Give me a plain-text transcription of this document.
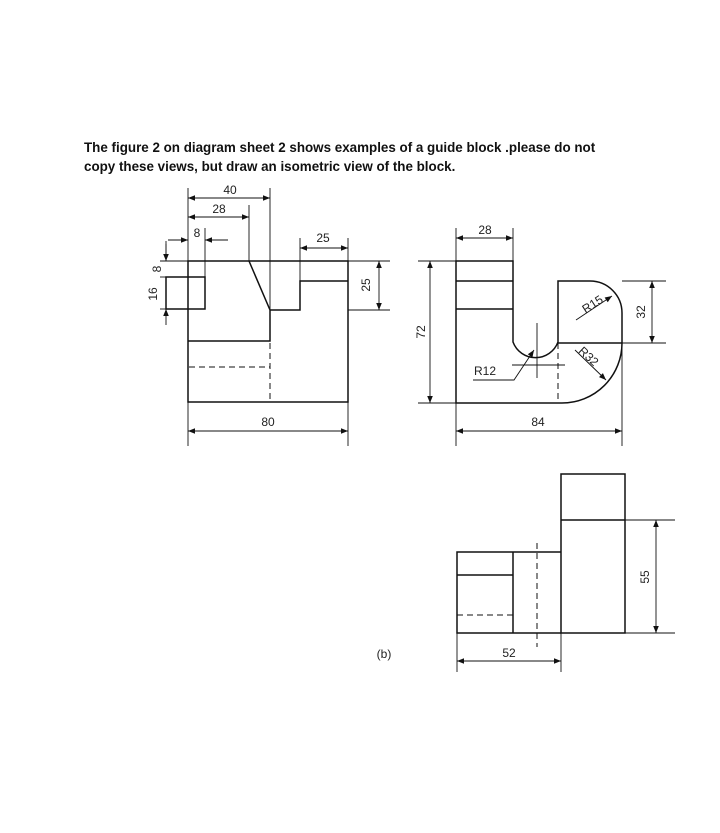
The figure 2 on diagram sheet 2 shows examples of a guide block .please do not

copy these views, but draw an isometric view of the block.

40
28
8	25
8
16
25
80
28
72
R15
R32
R12
32
84
52
55
(b)
